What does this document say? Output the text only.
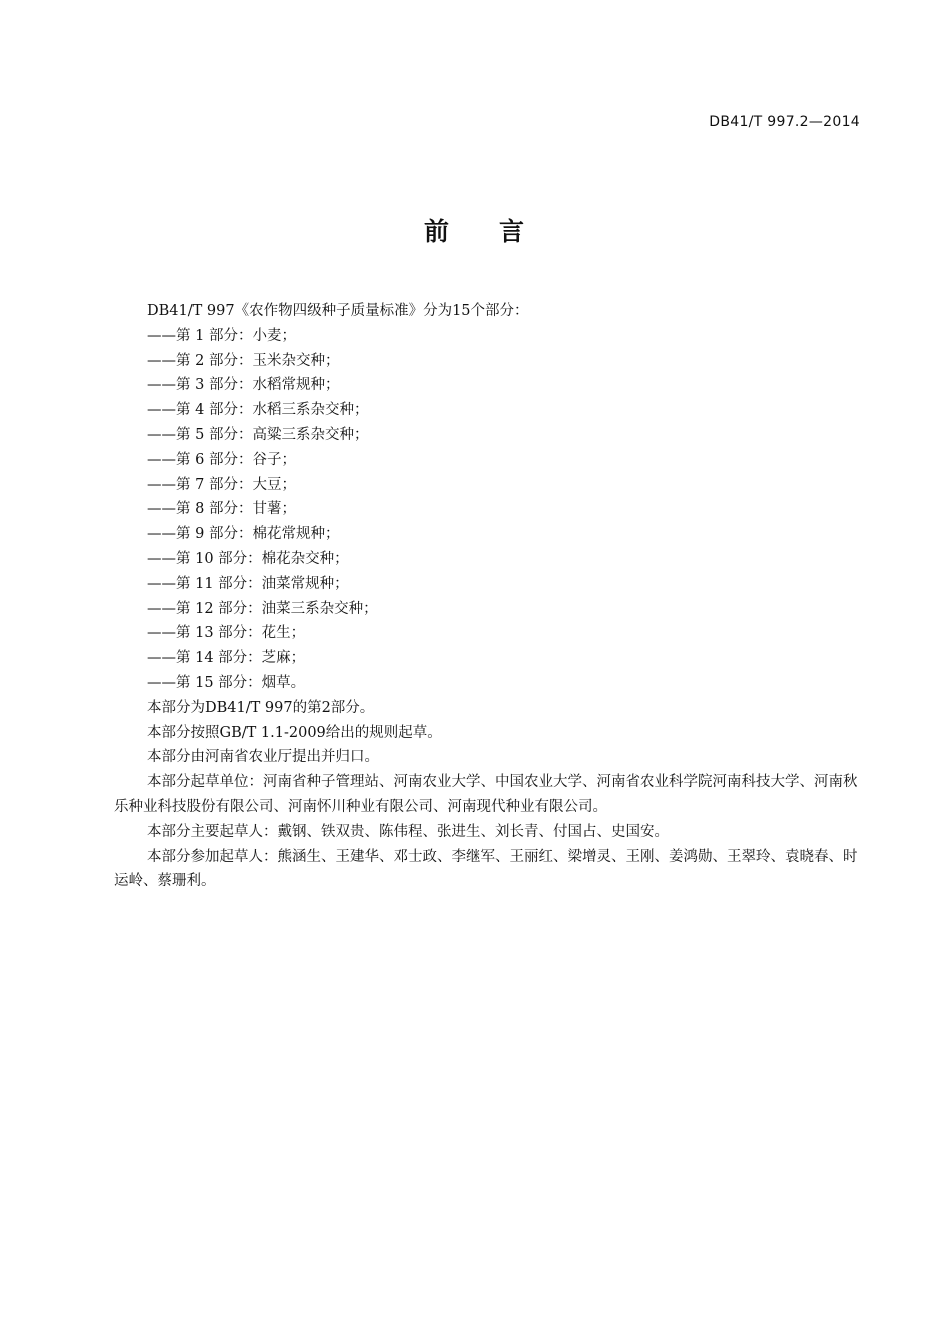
DB41/T 997.2—2014
前 言

DB41/T 997《农作物四级种子质量标准》分为15个部分：

——第 1 部分：小麦；

——第 2 部分：玉米杂交种；

——第 3 部分：水稻常规种；

——第 4 部分：水稻三系杂交种；

——第 5 部分：高粱三系杂交种；

——第 6 部分：谷子；

——第 7 部分：大豆；

——第 8 部分：甘薯；

——第 9 部分：棉花常规种；

——第 10 部分：棉花杂交种；

——第 11 部分：油菜常规种；

——第 12 部分：油菜三系杂交种；

——第 13 部分：花生；

——第 14 部分：芝麻；

——第 15 部分：烟草。

本部分为DB41/T 997的第2部分。

本部分按照GB/T 1.1-2009给出的规则起草。

本部分由河南省农业厅提出并归口。

本部分起草单位：河南省种子管理站、河南农业大学、中国农业大学、河南省农业科学院河南科技大学、河南秋乐种业科技股份有限公司、河南怀川种业有限公司、河南现代种业有限公司。

本部分主要起草人：戴钢、铁双贵、陈伟程、张进生、刘长青、付国占、史国安。

本部分参加起草人：熊涵生、王建华、邓士政、李继军、王丽红、梁增灵、王刚、姜鸿勋、王翠玲、袁晓春、时运岭、蔡珊利。
